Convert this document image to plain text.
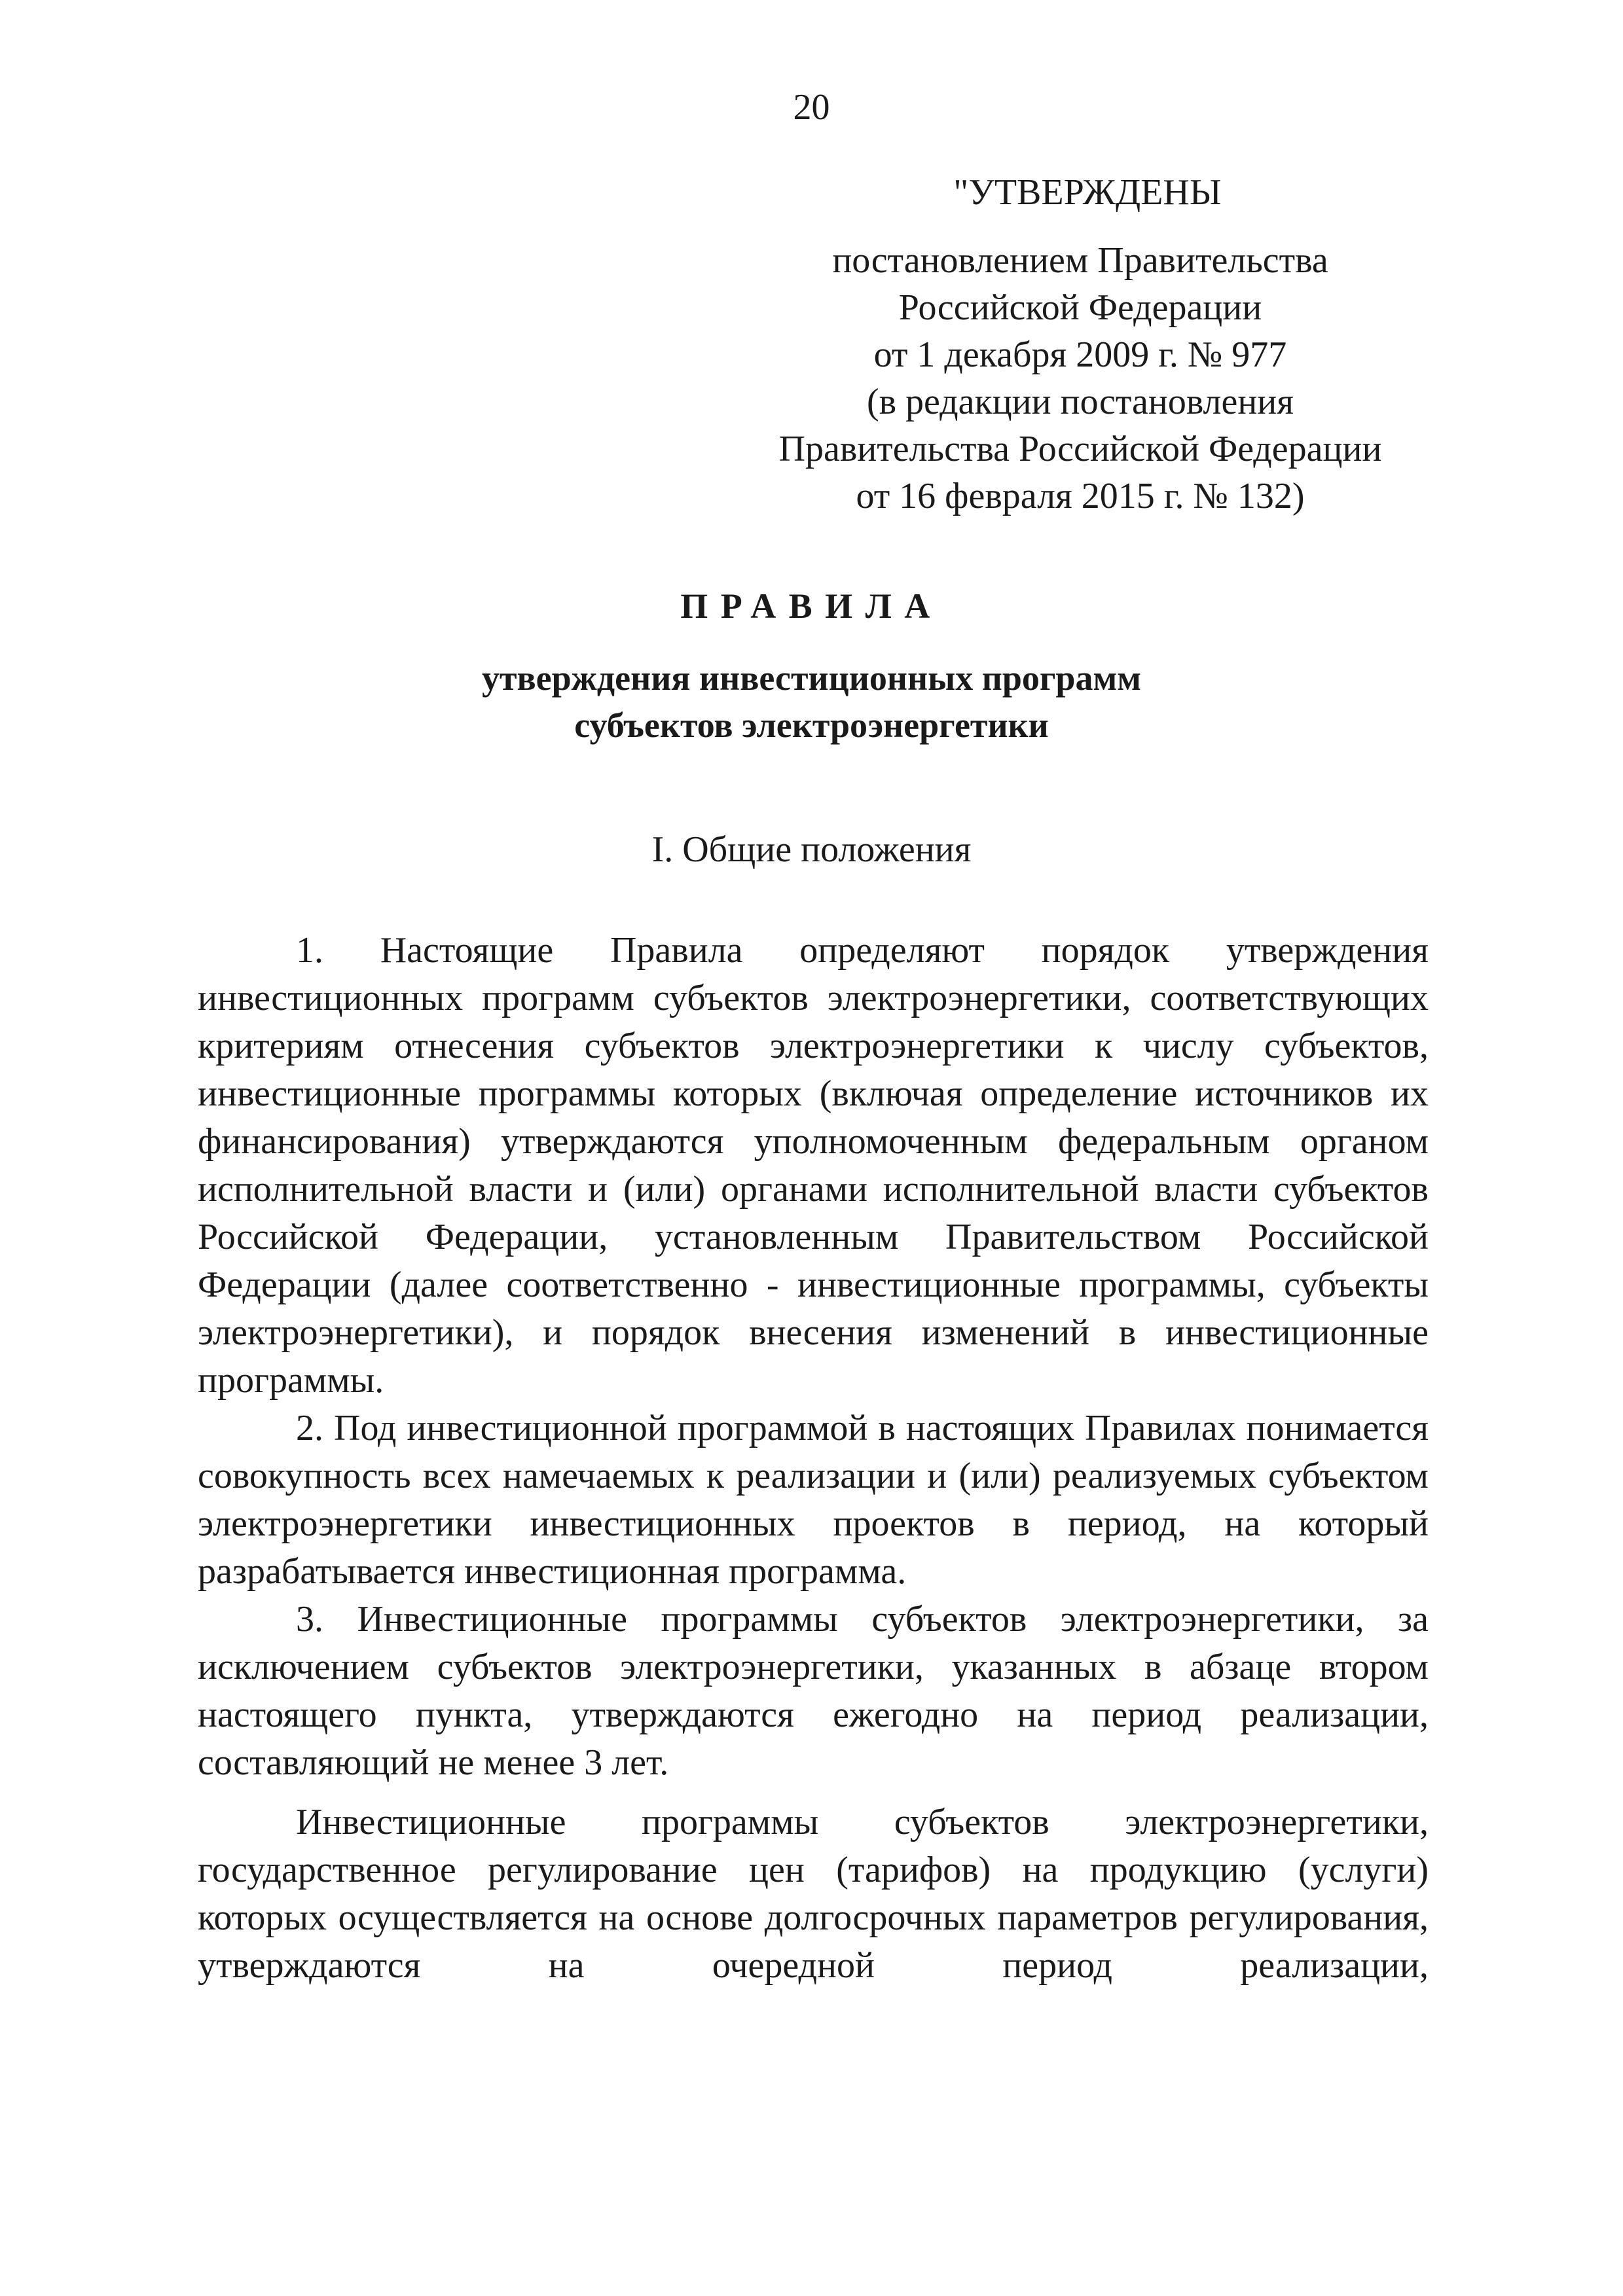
20
"УТВЕРЖДЕНЫ
постановлением Правительства
Российской Федерации
от 1 декабря 2009 г. № 977
(в редакции постановления
Правительства Российской Федерации
от 16 февраля 2015 г. № 132)
ПРАВИЛА
утверждения инвестиционных программ
субъектов электроэнергетики
I. Общие положения

1. Настоящие Правила определяют порядок утверждения инвестиционных программ субъектов электроэнергетики, соответствующих критериям отнесения субъектов электроэнергетики к числу субъектов, инвестиционные программы которых (включая определение источников их финансирования) утверждаются уполномоченным федеральным органом исполнительной власти и (или) органами исполнительной власти субъектов Российской Федерации, установленным Правительством Российской Федерации (далее соответственно - инвестиционные программы, субъекты электроэнергетики), и порядок внесения изменений в инвестиционные программы.

2. Под инвестиционной программой в настоящих Правилах понимается совокупность всех намечаемых к реализации и (или) реализуемых субъектом электроэнергетики инвестиционных проектов в период, на который разрабатывается инвестиционная программа.

3. Инвестиционные программы субъектов электроэнергетики, за исключением субъектов электроэнергетики, указанных в абзаце втором настоящего пункта, утверждаются ежегодно на период реализации, составляющий не менее 3 лет.

Инвестиционные программы субъектов электроэнергетики, государственное регулирование цен (тарифов) на продукцию (услуги) которых осуществляется на основе долгосрочных параметров регулирования, утверждаются на очередной период реализации,
